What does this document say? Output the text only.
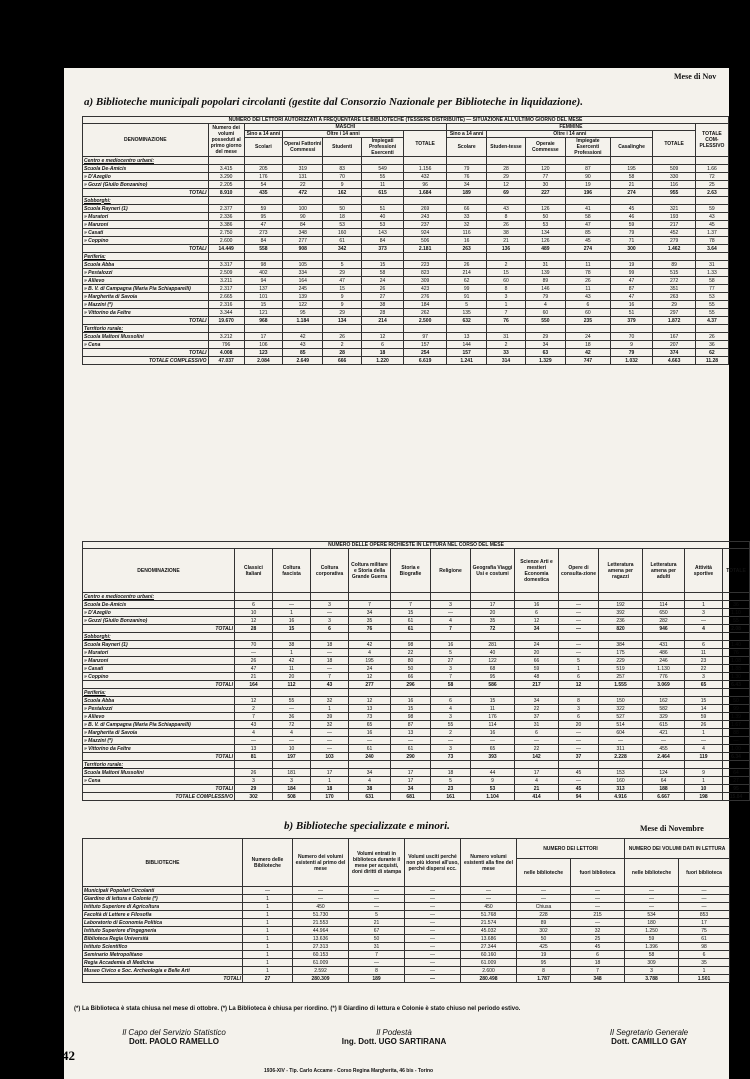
Mese di Nov
a) Biblioteche municipali popolari circolanti (gestite dal Consorzio Nazionale per Biblioteche in liquidazione).
NUMERO DEI LETTORI AUTORIZZATI A FREQUENTARE LE BIBLIOTECHE (TESSERE DISTRIBUITE) — SITUAZIONE ALL'ULTIMO GIORNO DEL MESE													
DENOMINAZIONE	Numero dei volumi posseduti al primo giorno del mese	MASCHI					FEMMINE						TOTALE COM-PLESSIVO
		Sino a 14 anni	Oltre i 14 anni			TOTALE	Sino a 14 anni	Oltre i 14 anni				TOTALE	
		Scolari	Operai Fattorini Commessi	Studenti	Impiegati Professioni Esercenti		Scolare	Studen-tesse	Operaie Commesse	Impiegate Esercenti Professioni	Casalinghe		
Centro e mediocentro urbani:													
Scuola De-Amicis	3.415	205	319	83	549	1.156	79	28	120	87	195	509	1.66
» D'Azeglio	3.290	176	131	70	55	432	76	29	77	90	58	330	72
» Gozzi (Giulio Bonzanino)	2.205	54	22	9	11	96	34	12	30	19	21	116	25
TOTALI	8.910	435	472	162	615	1.684	189	69	227	196	274	955	2.63
Sobborghi:													
Scuola Rayneri (1)	2.377	59	100	50	51	269	66	43	126	41	45	321	59
» Muratori	2.336	95	90	18	40	243	33	8	50	58	46	193	43
» Manzoni	3.386	47	84	53	53	237	32	26	53	47	59	217	45
» Casati	2.750	273	348	160	143	924	116	38	134	85	79	452	1.37
» Coppino	2.600	84	277	61	84	506	16	21	126	45	71	279	78
TOTALI	14.449	558	908	342	373	2.181	263	136	489	274	300	1.462	3.64
Periferia:													
Scuola Abba	3.317	98	105	5	15	223	26	2	31	11	19	89	31
» Pestalozzi	2.509	402	334	29	58	823	214	15	139	78	99	515	1.33
» Allievo	3.211	94	164	47	24	309	62	60	89	26	47	272	58
» B. V. di Campagna (Maria Pia Schiapparelli)	2.317	137	245	15	26	423	99	8	146	11	87	351	77
» Margherita di Savoia	2.665	101	139	9	27	276	91	3	79	43	47	263	53
» Mazzini (*)	2.316	15	122	9	38	184	5	1	4	6	16	29	55
» Vittorino da Feltre	3.344	121	95	29	28	262	135	7	60	60	51	297	55
TOTALI	19.670	968	1.184	134	214	2.500	632	76	550	235	379	1.872	4.37
Territorio rurale:													
Scuola Maltoni Mussolini	3.212	17	42	26	12	97	13	31	29	24	70	167	26
» Cena	796	106	43	2	6	157	144	2	34	18	9	207	36
TOTALI	4.008	123	85	28	18	254	157	33	63	42	79	374	62
TOTALE COMPLESSIVO	47.037	2.084	2.649	666	1.220	6.619	1.241	314	1.329	747	1.032	4.663	11.28
NUMERO DELLE OPERE RICHIESTE IN LETTURA NEL CORSO DEL MESE													
DENOMINAZIONE	Classici Italiani	Coltura fascista	Coltura corporativa	Coltura militare e Storia della Grande Guerra	Storia e Biografie	Religione	Geografia Viaggi Usi e costumi	Scienze Arti e mestieri Economia domestica	Opere di consulta-zione	Letteratura amena per ragazzi	Letteratura amena per adulti	Attività sportive	TOTALE
Centro e mediocentro urbani:													
Scuola De-Amicis	6	—	3	7	7	3	17	16	—	192	114	1	36
» D'Azeglio	10	1	—	34	15	—	20	6	—	392	650	3	1.10
» Gozzi (Giulio Bonzanino)	12	16	3	35	61	4	35	12	—	236	282	—	55
TOTALI	28	15	6	76	61	7	72	34	—	820	946	4	2.08
Sobborghi:													
Scuola Rayneri (1)	70	38	18	42	98	16	281	24	—	384	431	6	1.40
» Muratori	—	1	—	4	22	5	40	20	—	175	486	11	76
» Manzoni	26	42	18	195	80	27	122	66	5	229	246	23	1.08
» Casati	47	11	—	24	50	3	68	59	1	519	1.130	22	1.88
» Coppino	21	20	7	12	66	7	95	48	6	257	776	3	1.30
TOTALI	164	112	43	277	296	58	586	217	12	1.555	3.069	65	6.43
Periferia:													
Scuola Abba	12	55	32	12	16	6	15	34	8	150	162	15	50
» Pestalozzi	2	—	1	13	15	4	11	22	3	322	582	14	99
» Allievo	7	36	39	73	98	3	176	37	6	527	329	59	1.39
» B. V. di Campagna (Maria Pia Schiapparelli)	43	72	32	65	87	55	114	31	20	514	615	26	1.67
» Margherita di Savoia	4	4	—	16	13	2	16	6	—	604	421	1	88
» Mazzini (*)	—	—	—	—	—	—	—	—	—	—	—	—	—
» Vittorino da Feltre	13	10	—	61	61	3	65	22	—	311	455	4	1.00
TOTALI	81	197	103	240	290	73	393	142	37	2.228	2.464	119	6.34
Territorio rurale:													
Scuola Maltoni Mussolini	26	181	17	34	17	18	44	17	45	153	124	9	64
» Cena	3	3	1	4	17	5	9	4	—	160	64	1	27
TOTALI	29	184	18	38	34	23	53	21	45	313	188	10	95
TOTALE COMPLESSIVO	302	508	170	631	681	161	1.104	414	94	4.916	6.667	198	15.84
b) Biblioteche specializzate e minori.	Mese di Novembre
BIBLIOTECHE	Numero delle Biblioteche	Numero dei volumi esistenti al primo del mese	Volumi entrati in biblioteca durante il mese per acquisti, doni diritti di stampa	Volumi usciti perché non più idonei all'uso, perché dispersi ecc.	Numero volumi esistenti alla fine del mese	NUMERO DEI LETTORI		NUMERO DEI VOLUMI DATI IN LETTURA	
						nelle biblioteche	fuori biblioteca	nelle biblioteche	fuori biblioteca
Municipali Popolari Circolanti	—	—	—	—	—	—	—	—	—
Giardino di lettura e Colonie (*)	1	—	—	—	—	—	—	—	—
Istituto Superiore di Agricoltura	1	450	—	—	450	Chiusa	—	—	—
Facoltà di Lettere e Filosofia	1	51.730	5	—	51.768	228	215	534	853
Laboratorio di Economia Politica	1	21.553	21	—	21.574	89	—	180	17
Istituto Superiore d'Ingegneria	1	44.964	67	—	45.032	302	32	1.250	75
Biblioteca Regia Università	1	13.636	50	—	13.686	50	25	59	61
Istituto Scientifico	1	27.313	31	—	27.344	425	45	1.396	98
Seminario Metropolitano	1	60.153	7	—	60.160	19	6	58	6
Regia Accademia di Medicina	1	61.009	—	—	61.009	95	18	309	35
Museo Civico e Soc. Archeologia e Belle Arti	1	2.592	8	—	2.600	8	7	3	1
TOTALI	27	280.309	189	—	280.498	1.787	348	3.788	1.501
(*) La Biblioteca è stata chiusa nel mese di ottobre. (*) La Biblioteca è chiusa per riordino. (*) Il Giardino di lettura e Colonie è stato chiuso nel periodo estivo.
Il Capo del Servizio Statistico
Dott. PAOLO RAMELLO
Il Podestà
Ing. Dott. UGO SARTIRANA
Il Segretario Generale
Dott. CAMILLO GAY
42
1936-XIV - Tip. Carlo Accame - Corso Regina Margherita, 46 bis - Torino
